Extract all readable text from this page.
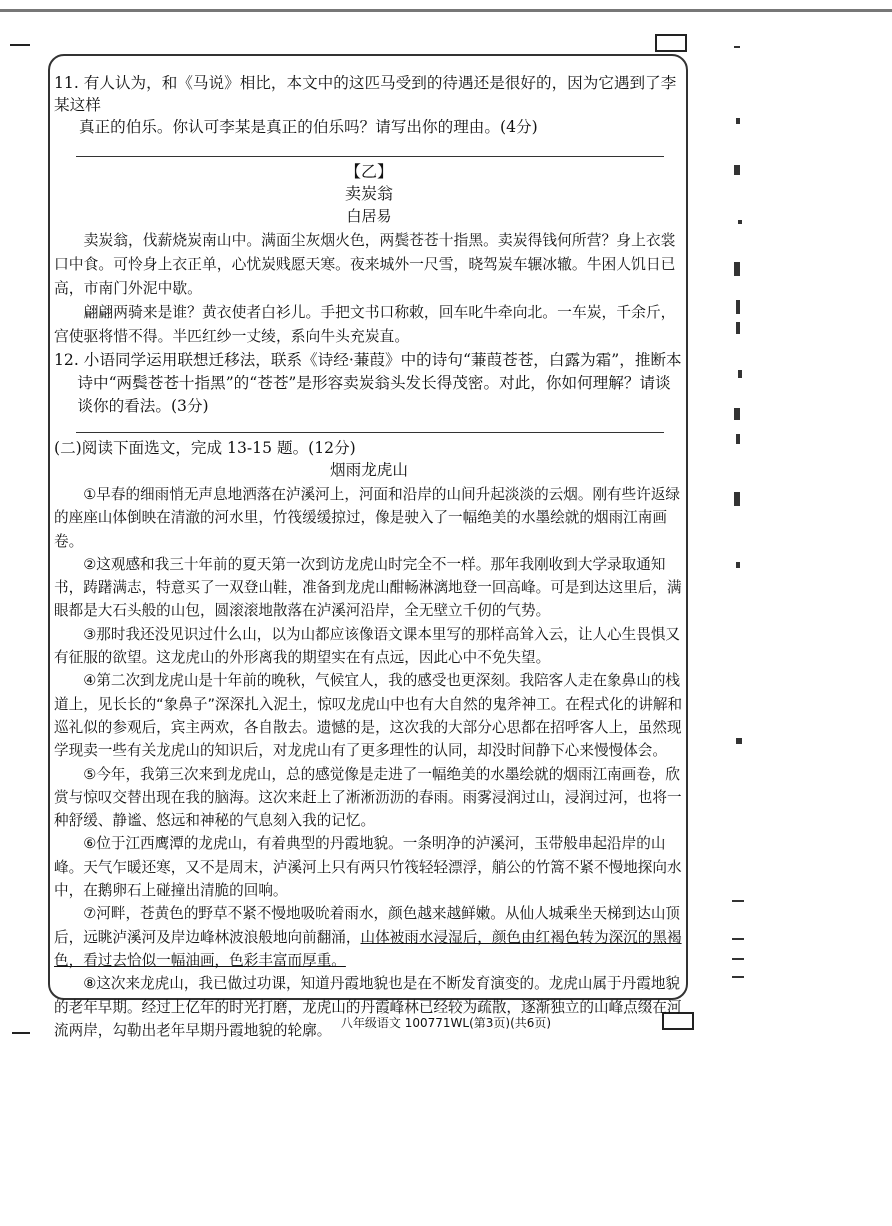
11. 有人认为，和《马说》相比，本文中的这匹马受到的待遇还是很好的，因为它遇到了李某这样

真正的伯乐。你认可李某是真正的伯乐吗？请写出你的理由。(4分)

【乙】

卖炭翁

白居易

卖炭翁，伐薪烧炭南山中。满面尘灰烟火色，两鬓苍苍十指黑。卖炭得钱何所营？身上衣裳口中食。可怜身上衣正单，心忧炭贱愿天寒。夜来城外一尺雪，晓驾炭车辗冰辙。牛困人饥日已高，市南门外泥中歇。

翩翩两骑来是谁？黄衣使者白衫儿。手把文书口称敕，回车叱牛牵向北。一车炭，千余斤，宫使驱将惜不得。半匹红纱一丈绫，系向牛头充炭直。

12. 小语同学运用联想迁移法，联系《诗经·蒹葭》中的诗句“蒹葭苍苍，白露为霜”，推断本诗中“两鬓苍苍十指黑”的“苍苍”是形容卖炭翁头发长得茂密。对此，你如何理解？请谈谈你的看法。(3分)

(二)阅读下面选文，完成 13-15 题。(12分)

烟雨龙虎山

①早春的细雨悄无声息地洒落在泸溪河上，河面和沿岸的山间升起淡淡的云烟。刚有些许返绿的座座山体倒映在清澈的河水里，竹筏缓缓掠过，像是驶入了一幅绝美的水墨绘就的烟雨江南画卷。

②这观感和我三十年前的夏天第一次到访龙虎山时完全不一样。那年我刚收到大学录取通知书，踌躇满志，特意买了一双登山鞋，准备到龙虎山酣畅淋漓地登一回高峰。可是到达这里后，满眼都是大石头般的山包，圆滚滚地散落在泸溪河沿岸，全无壁立千仞的气势。

③那时我还没见识过什么山，以为山都应该像语文课本里写的那样高耸入云，让人心生畏惧又有征服的欲望。这龙虎山的外形离我的期望实在有点远，因此心中不免失望。

④第二次到龙虎山是十年前的晚秋，气候宜人，我的感受也更深刻。我陪客人走在象鼻山的栈道上，见长长的“象鼻子”深深扎入泥土，惊叹龙虎山中也有大自然的鬼斧神工。在程式化的讲解和巡礼似的参观后，宾主两欢，各自散去。遗憾的是，这次我的大部分心思都在招呼客人上，虽然现学现卖一些有关龙虎山的知识后，对龙虎山有了更多理性的认同，却没时间静下心来慢慢体会。

⑤今年，我第三次来到龙虎山，总的感觉像是走进了一幅绝美的水墨绘就的烟雨江南画卷，欣赏与惊叹交替出现在我的脑海。这次来赶上了淅淅沥沥的春雨。雨雾浸润过山，浸润过河，也将一种舒缓、静谧、悠远和神秘的气息刻入我的记忆。

⑥位于江西鹰潭的龙虎山，有着典型的丹霞地貌。一条明净的泸溪河，玉带般串起沿岸的山峰。天气乍暖还寒，又不是周末，泸溪河上只有两只竹筏轻轻漂浮，艄公的竹篙不紧不慢地探向水中，在鹅卵石上碰撞出清脆的回响。

⑦河畔，苍黄色的野草不紧不慢地吸吮着雨水，颜色越来越鲜嫩。从仙人城乘坐天梯到达山顶后，远眺泸溪河及岸边峰林波浪般地向前翻涌，山体被雨水浸湿后，颜色由红褐色转为深沉的黑褐色，看过去恰似一幅油画，色彩丰富而厚重。

⑧这次来龙虎山，我已做过功课，知道丹霞地貌也是在不断发育演变的。龙虎山属于丹霞地貌的老年早期。经过上亿年的时光打磨，龙虎山的丹霞峰林已经较为疏散，逐渐独立的山峰点缀在河流两岸，勾勒出老年早期丹霞地貌的轮廓。 八年级语文 100771WL(第3页)(共6页)
